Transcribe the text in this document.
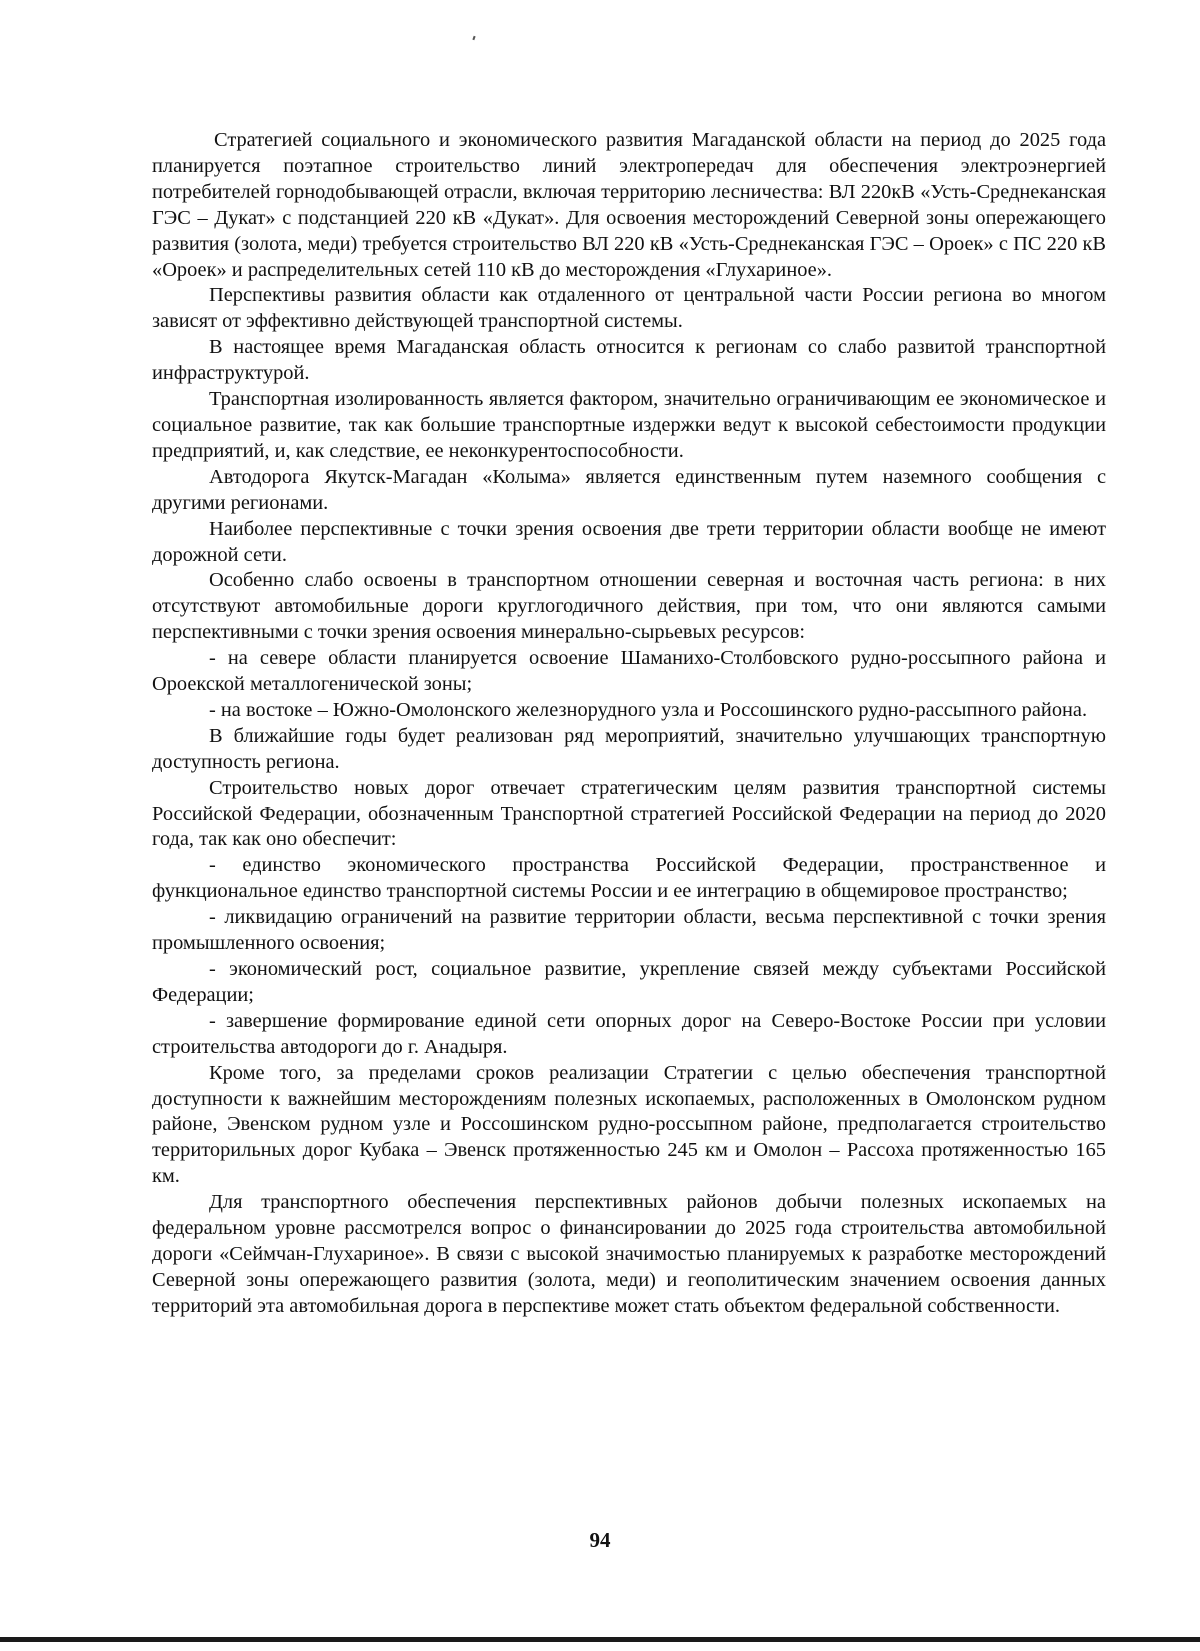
Стратегией социального и экономического развития Магаданской области на период до 2025 года планируется поэтапное строительство линий электропередач для обеспечения электроэнергией потребителей горнодобывающей отрасли, включая территорию лесничества: ВЛ 220кВ «Усть-Среднеканская ГЭС – Дукат» с подстанцией 220 кВ «Дукат». Для освоения месторождений Северной зоны опережающего развития (золота, меди) требуется строительство ВЛ 220 кВ «Усть-Среднеканская ГЭС – Ороек» с ПС 220 кВ «Ороек» и распределительных сетей 110 кВ до месторождения «Глухариное».

Перспективы развития области как отдаленного от центральной части России региона во многом зависят от эффективно действующей транспортной системы.

В настоящее время Магаданская область относится к регионам со слабо развитой транспортной инфраструктурой.

Транспортная изолированность является фактором, значительно ограничивающим ее экономическое и социальное развитие, так как большие транспортные издержки ведут к высокой себестоимости продукции предприятий, и, как следствие, ее неконкурентоспособности.

Автодорога Якутск-Магадан «Колыма» является единственным путем наземного сообщения с другими регионами.

Наиболее перспективные с точки зрения освоения две трети территории области вообще не имеют дорожной сети.

Особенно слабо освоены в транспортном отношении северная и восточная часть региона: в них отсутствуют автомобильные дороги круглогодичного действия, при том, что они являются самыми перспективными с точки зрения освоения минерально-сырьевых ресурсов:

- на севере области планируется освоение Шаманихо-Столбовского рудно-россыпного района и Ороекской металлогенической зоны;

- на востоке – Южно-Омолонского железнорудного узла и Россошинского рудно-рассыпного района.

В ближайшие годы будет реализован ряд мероприятий, значительно улучшающих транспортную доступность региона.

Строительство новых дорог отвечает стратегическим целям развития транспортной системы Российской Федерации, обозначенным Транспортной стратегией Российской Федерации на период до 2020 года, так как оно обеспечит:

- единство экономического пространства Российской Федерации, пространственное и функциональное единство транспортной системы России и ее интеграцию в общемировое пространство;

- ликвидацию ограничений на развитие территории области, весьма перспективной с точки зрения промышленного освоения;

- экономический рост, социальное развитие, укрепление связей между субъектами Российской Федерации;

- завершение формирование единой сети опорных дорог на Северо-Востоке России при условии строительства автодороги до г. Анадыря.

Кроме того, за пределами сроков реализации Стратегии с целью обеспечения транспортной доступности к важнейшим месторождениям полезных ископаемых, расположенных в Омолонском рудном районе, Эвенском рудном узле и Россошинском рудно-россыпном районе, предполагается строительство территорильных дорог Кубака – Эвенск протяженностью 245 км и Омолон – Рассоха протяженностью 165 км.

Для транспортного обеспечения перспективных районов добычи полезных ископаемых на федеральном уровне рассмотрелся вопрос о финансировании до 2025 года строительства автомобильной дороги «Сеймчан-Глухариное». В связи с высокой значимостью планируемых к разработке месторождений Северной зоны опережающего развития (золота, меди) и геополитическим значением освоения данных территорий эта автомобильная дорога в перспективе может стать объектом федеральной собственности.

94
